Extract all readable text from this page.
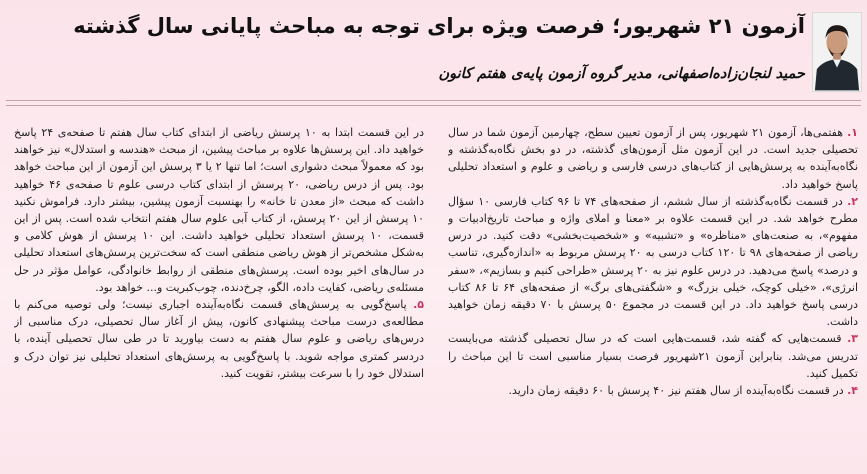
آزمون ۲۱ شهریور؛ فرصت ویژه برای توجه به مباحث پایانی سال گذشته
حمید لنجان‌زاده‌اصفهانی، مدیر گروه آزمون پایه‌ی هفتم کانون

۱. هفتمی‌ها، آزمون ۲۱ شهریور، پس از آزمون تعیین سطح، چهارمین آزمون شما در سال تحصیلی جدید است. در این آزمون مثل آزمون‌های گذشته، در دو بخش نگاه‌به‌گذشته و نگاه‌به‌آینده به پرسش‌هایی از کتاب‌های درسی فارسی و ریاضی و علوم و استعداد تحلیلی پاسخ خواهید داد.

۲. در قسمت نگاه‌به‌گذشته از سال ششم، از صفحه‌های ۷۴ تا ۹۶ کتاب فارسی ۱۰ سؤال مطرح خواهد شد. در این قسمت علاوه بر «معنا و املای واژه و مباحث تاریخ‌ادبیات و مفهوم»، به صنعت‌های «مناظره» و «تشبیه» و «شخصیت‌بخشی» دقت کنید. در درس ریاضی از صفحه‌های ۹۸ تا ۱۲۰ کتاب درسی به ۲۰ پرسش مربوط به «اندازه‌گیری، تناسب و درصد» پاسخ می‌دهید. در درس علوم نیز به ۲۰ پرسش «طراحی کنیم و بسازیم»، «سفر انرژی»، «خیلی کوچک، خیلی بزرگ» و «شگفتی‌های برگ» از صفحه‌های ۶۴ تا ۸۶ کتاب درسی پاسخ خواهید داد. در این قسمت در مجموع ۵۰ پرسش با ۷۰ دقیقه زمان خواهید داشت.

۳. قسمت‌هایی که گفته شد، قسمت‌هایی است که در سال تحصیلی گذشته می‌بایست تدریس می‌شد. بنابراین آزمون ۲۱شهریور فرصت بسیار مناسبی است تا این مباحث را تکمیل کنید.

۴. در قسمت نگاه‌به‌آینده از سال هفتم نیز ۴۰ پرسش با ۶۰ دقیقه زمان دارید.

در این قسمت ابتدا به ۱۰ پرسش ریاضی از ابتدای کتاب سال هفتم تا صفحه‌ی ۲۴ پاسخ خواهید داد. این پرسش‌ها علاوه بر مباحث پیشین، از مبحث «هندسه و استدلال» نیز خواهند بود که معمولاً مبحث دشواری است؛ اما تنها ۲ یا ۳ پرسش این آزمون از این مباحث خواهد بود. پس از درس ریاضی، ۲۰ پرسش از ابتدای کتاب درسی علوم تا صفحه‌ی ۴۶ خواهید داشت که مبحث «از معدن تا خانه» را بهنسبت آزمون پیشین، بیشتر دارد. فراموش نکنید ۱۰ پرسش از این ۲۰ پرسش، از کتاب آبی علوم سال هفتم انتخاب شده است. پس از این قسمت، ۱۰ پرسش استعداد تحلیلی خواهید داشت. این ۱۰ پرسش از هوش کلامی و به‌شکل مشخص‌تر از هوش ریاضی منطقی است که سخت‌ترین پرسش‌های استعداد تحلیلی در سال‌های اخیر بوده است. پرسش‌های منطقی از روابط خانوادگی، عوامل مؤثر در حل مسئله‌ی ریاضی، کفایت داده، الگو، چرخ‌دنده، چوب‌کبریت و... خواهد بود.

۵. پاسخ‌گویی به پرسش‌های قسمت نگاه‌به‌آینده اجباری نیست؛ ولی توصیه می‌کنم با مطالعه‌ی درست مباحث پیشنهادی کانون، پیش از آغاز سال تحصیلی، درک مناسبی از درس‌های ریاضی و علوم سال هفتم به دست بیاورید تا در طی سال تحصیلی آینده، با دردسر کمتری مواجه شوید. با پاسخ‌گویی به پرسش‌های استعداد تحلیلی نیز توان درک و استدلال خود را با سرعت بیشتر، تقویت کنید.
